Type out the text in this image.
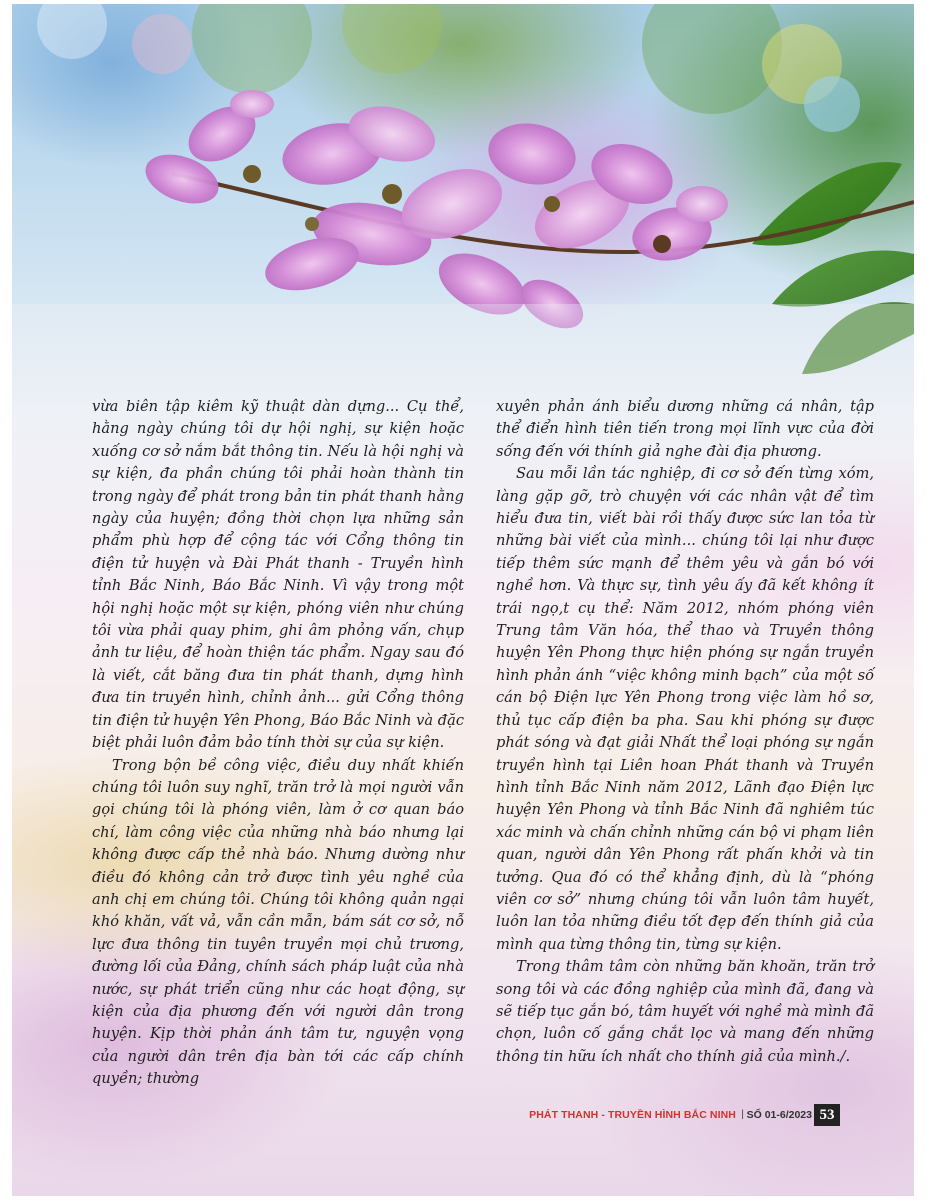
vừa biên tập kiêm kỹ thuật dàn dựng... Cụ thể, hằng ngày chúng tôi dự hội nghị, sự kiện hoặc xuống cơ sở nắm bắt thông tin. Nếu là hội nghị và sự kiện, đa phần chúng tôi phải hoàn thành tin trong ngày để phát trong bản tin phát thanh hằng ngày của huyện; đồng thời chọn lựa những sản phẩm phù hợp để cộng tác với Cổng thông tin điện tử huyện và Đài Phát thanh - Truyền hình tỉnh Bắc Ninh, Báo Bắc Ninh. Vì vậy trong một hội nghị hoặc một sự kiện, phóng viên như chúng tôi vừa phải quay phim, ghi âm phỏng vấn, chụp ảnh tư liệu, để hoàn thiện tác phẩm. Ngay sau đó là viết, cắt băng đưa tin phát thanh, dựng hình đưa tin truyền hình, chỉnh ảnh... gửi Cổng thông tin điện tử huyện Yên Phong, Báo Bắc Ninh và đặc biệt phải luôn đảm bảo tính thời sự của sự kiện.

Trong bộn bề công việc, điều duy nhất khiến chúng tôi luôn suy nghĩ, trăn trở là mọi người vẫn gọi chúng tôi là phóng viên, làm ở cơ quan báo chí, làm công việc của những nhà báo nhưng lại không được cấp thẻ nhà báo. Nhưng dường như điều đó không cản trở được tình yêu nghề của anh chị em chúng tôi. Chúng tôi không quản ngại khó khăn, vất vả, vẫn cần mẫn, bám sát cơ sở, nỗ lực đưa thông tin tuyên truyền mọi chủ trương, đường lối của Đảng, chính sách pháp luật của nhà nước, sự phát triển cũng như các hoạt động, sự kiện của địa phương đến với người dân trong huyện. Kịp thời phản ánh tâm tư, nguyện vọng của người dân trên địa bàn tới các cấp chính quyền; thường

xuyên phản ánh biểu dương những cá nhân, tập thể điển hình tiên tiến trong mọi lĩnh vực của đời sống đến với thính giả nghe đài địa phương.

Sau mỗi lần tác nghiệp, đi cơ sở đến từng xóm, làng gặp gỡ, trò chuyện với các nhân vật để tìm hiểu đưa tin, viết bài rồi thấy được sức lan tỏa từ những bài viết của mình... chúng tôi lại như được tiếp thêm sức mạnh để thêm yêu và gắn bó với nghề hơn. Và thực sự, tình yêu ấy đã kết không ít trái ngọ,t cụ thể: Năm 2012, nhóm phóng viên Trung tâm Văn hóa, thể thao và Truyền thông huyện Yên Phong thực hiện phóng sự ngắn truyền hình phản ánh “việc không minh bạch” của một số cán bộ Điện lực Yên Phong trong việc làm hồ sơ, thủ tục cấp điện ba pha. Sau khi phóng sự được phát sóng và đạt giải Nhất thể loại phóng sự ngắn truyền hình tại Liên hoan Phát thanh và Truyền hình tỉnh Bắc Ninh năm 2012, Lãnh đạo Điện lực huyện Yên Phong và tỉnh Bắc Ninh đã nghiêm túc xác minh và chấn chỉnh những cán bộ vi phạm liên quan, người dân Yên Phong rất phấn khởi và tin tưởng. Qua đó có thể khẳng định, dù là “phóng viên cơ sở” nhưng chúng tôi vẫn luôn tâm huyết, luôn lan tỏa những điều tốt đẹp đến thính giả của mình qua từng thông tin, từng sự kiện.

Trong thâm tâm còn những băn khoăn, trăn trở song tôi và các đồng nghiệp của mình đã, đang và sẽ tiếp tục gắn bó, tâm huyết với nghề mà mình đã chọn, luôn cố gắng chắt lọc và mang đến những thông tin hữu ích nhất cho thính giả của mình./.

PHÁT THANH - TRUYỀN HÌNH BẮC NINH | SỐ 01-6/2023 53
